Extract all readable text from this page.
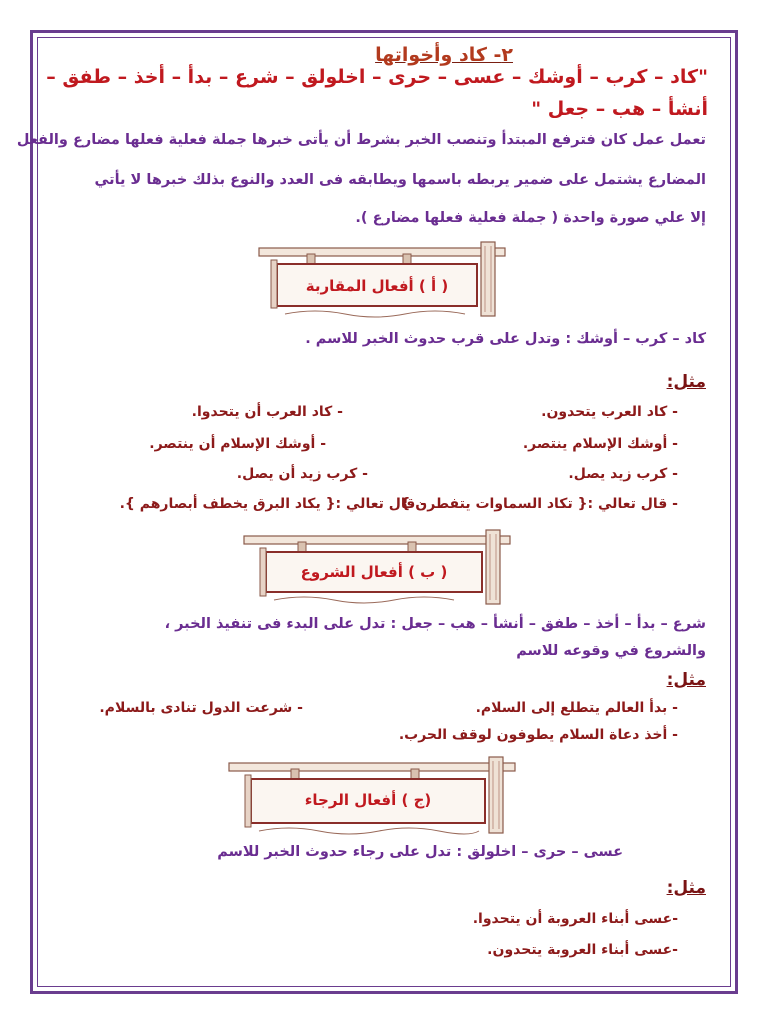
٢- كاد وأخواتها
"كاد – كرب – أوشك – عسى – حرى – اخلولق – شرع – بدأ – أخذ – طفق –
أنشأ – هب – جعل "
تعمل عمل كان فترفع المبتدأ وتنصب الخبر بشرط أن يأتى خبرها جملة فعلية فعلها مضارع والفعل
المضارع يشتمل على ضمير يربطه باسمها ويطابقه فى العدد والنوع بذلك خبرها لا يأتي
إلا علي صورة واحدة ( جملة فعلية فعلها مضارع ).
( أ ) أفعال المقاربة
كاد – كرب – أوشك : وتدل على قرب حدوث الخبر للاسم .
مثل:
- كاد العرب يتحدون.
- كاد العرب أن يتحدوا.
- أوشك الإسلام ينتصر.
- أوشك الإسلام أن ينتصر.
- كرب زيد يصل.
- كرب زيد أن يصل.
- قال تعالي :{ تكاد السماوات يتفطرن }
- قال تعالي :{ يكاد البرق يخطف أبصارهم }.
( ب ) أفعال الشروع
شرع – بدأ – أخذ – طفق – أنشأ – هب – جعل : تدل على البدء فى تنفيذ الخبر ،
والشروع في وقوعه للاسم
مثل:
- بدأ العالم يتطلع إلى السلام.
- شرعت الدول تنادى بالسلام.
- أخذ دعاة السلام يطوفون لوقف الحرب.
(ج ) أفعال الرجاء
عسى – حرى – اخلولق : تدل على رجاء حدوث الخبر للاسم
مثل:
-عسى أبناء العروبة أن يتحدوا.
-عسى أبناء العروبة يتحدون.
